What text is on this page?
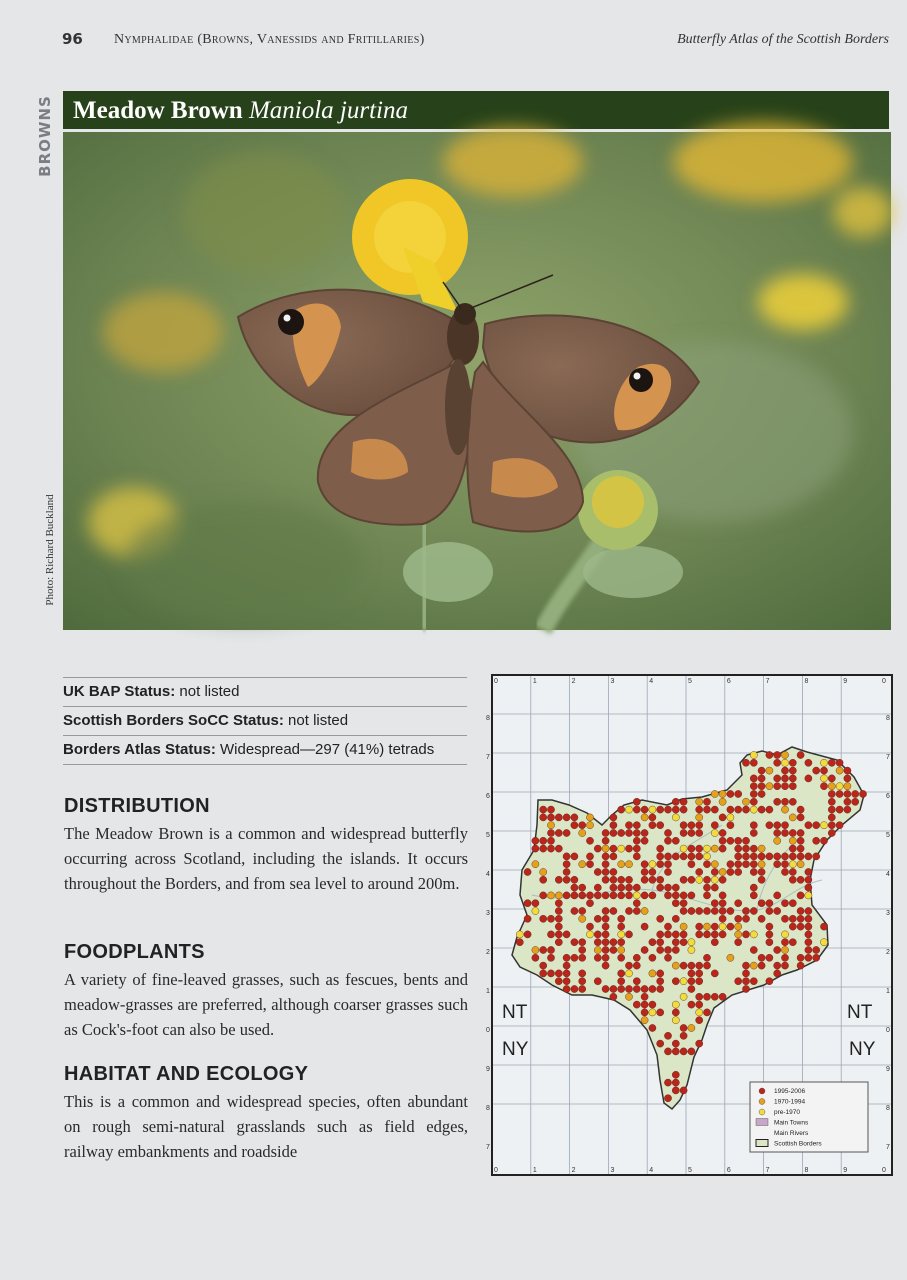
96 Nymphalidae (Browns, Vanessids and Fritillaries)	Butterfly Atlas of the Scottish Borders
BROWNS Meadow Brown Maniola jurtina
Photo: Richard Buckland
UK BAP Status: not listed
Scottish Borders SoCC Status: not listed
Borders Atlas Status: Widespread—297 (41%) tetrads
DISTRIBUTION
The Meadow Brown is a common and widespread butterfly occurring across Scotland, including the islands. It occurs throughout the Borders, and from sea level to around 200m.
FOODPLANTS
A variety of fine-leaved grasses, such as fescues, bents and meadow-grasses are preferred, although coarser grasses such as Cock's-foot can also be used.
HABITAT AND ECOLOGY
This is a common and widespread species, often abundant on rough semi-natural grasslands such as field edges, railway embankments and roadside
0	1	2	3	4	5	6	7	8	9	0
0	1	2	3	4	5	6	7	8	9	0
8
7
6
5
4
3
2
1
0
9
8
7
8
7
6
5
4
3
2
1
0
9
8
7
NT
NY
NT
NY
1995-2006
1970-1994
pre-1970
Main Towns
Main Rivers
Scottish Borders
